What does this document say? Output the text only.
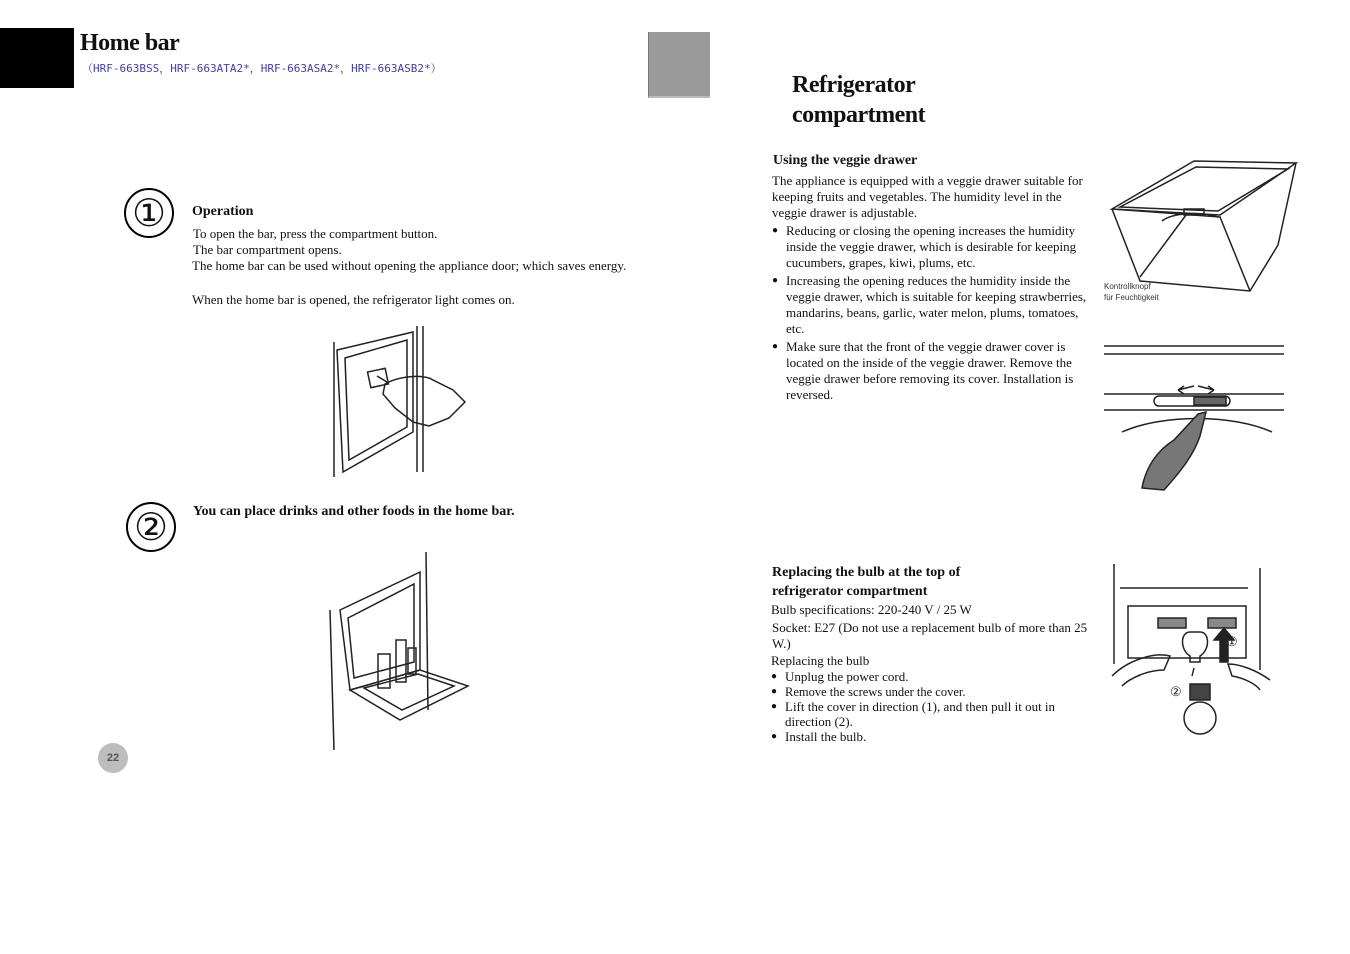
Home bar
（HRF-663BSS，HRF-663ATA2*，HRF-663ASA2*，HRF-663ASB2*）
①	Operation
To open the bar, press the compartment button.
The bar compartment opens.
The home bar can be used without opening the appliance door; which saves energy.
When the home bar is opened, the refrigerator light comes on.
②	You can place drinks and other foods in the home bar.
22
Refrigerator
compartment
Using the veggie drawer
The appliance is equipped with a veggie drawer suitable for keeping fruits and vegetables. The humidity level in the veggie drawer is adjustable.
● Reducing or closing the opening increases the humidity inside the veggie drawer, which is desirable for keeping cucumbers, grapes, kiwi, plums, etc.
● Increasing the opening reduces the humidity inside the veggie drawer, which is suitable for keeping strawberries, mandarins, beans, garlic, water melon, plums, tomatoes, etc.
● Make sure that the front of the veggie drawer cover is located on the inside of the veggie drawer. Remove the veggie drawer before removing its cover. Installation is reversed.
Kontrollknopf
für Feuchtigkeit
Replacing the bulb at the top of
refrigerator compartment
Bulb specifications: 220-240 V / 25 W
Socket: E27 (Do not use a replacement bulb of more than 25 W.)
Replacing the bulb
● Unplug the power cord.
● Remove the screws under the cover.
● Lift the cover in direction (1), and then pull it out in direction (2).
● Install the bulb.
①
②
